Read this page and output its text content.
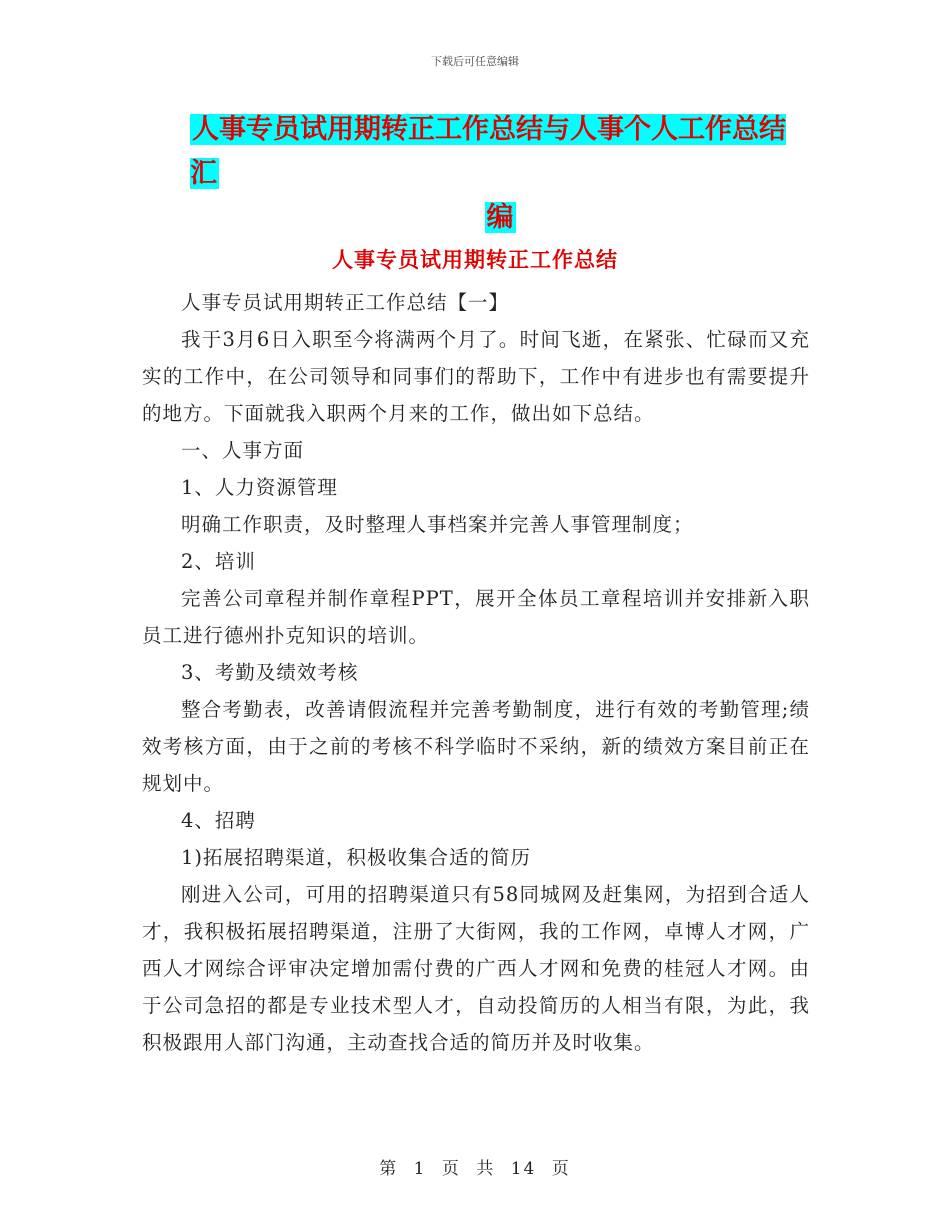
下载后可任意编辑
人事专员试用期转正工作总结与人事个人工作总结汇
编
人事专员试用期转正工作总结

人事专员试用期转正工作总结【一】

我于3月6日入职至今将满两个月了。时间飞逝，在紧张、忙碌而又充实的工作中，在公司领导和同事们的帮助下，工作中有进步也有需要提升的地方。下面就我入职两个月来的工作，做出如下总结。

一、人事方面

1、人力资源管理

明确工作职责，及时整理人事档案并完善人事管理制度；

2、培训

完善公司章程并制作章程PPT，展开全体员工章程培训并安排新入职员工进行德州扑克知识的培训。

3、考勤及绩效考核

整合考勤表，改善请假流程并完善考勤制度，进行有效的考勤管理;绩效考核方面，由于之前的考核不科学临时不采纳，新的绩效方案目前正在规划中。

4、招聘

1)拓展招聘渠道，积极收集合适的简历

刚进入公司，可用的招聘渠道只有58同城网及赶集网，为招到合适人才，我积极拓展招聘渠道，注册了大街网，我的工作网，卓博人才网，广西人才网综合评审决定增加需付费的广西人才网和免费的桂冠人才网。由于公司急招的都是专业技术型人才，自动投简历的人相当有限，为此，我积极跟用人部门沟通，主动查找合适的简历并及时收集。

第 1 页 共 14 页
